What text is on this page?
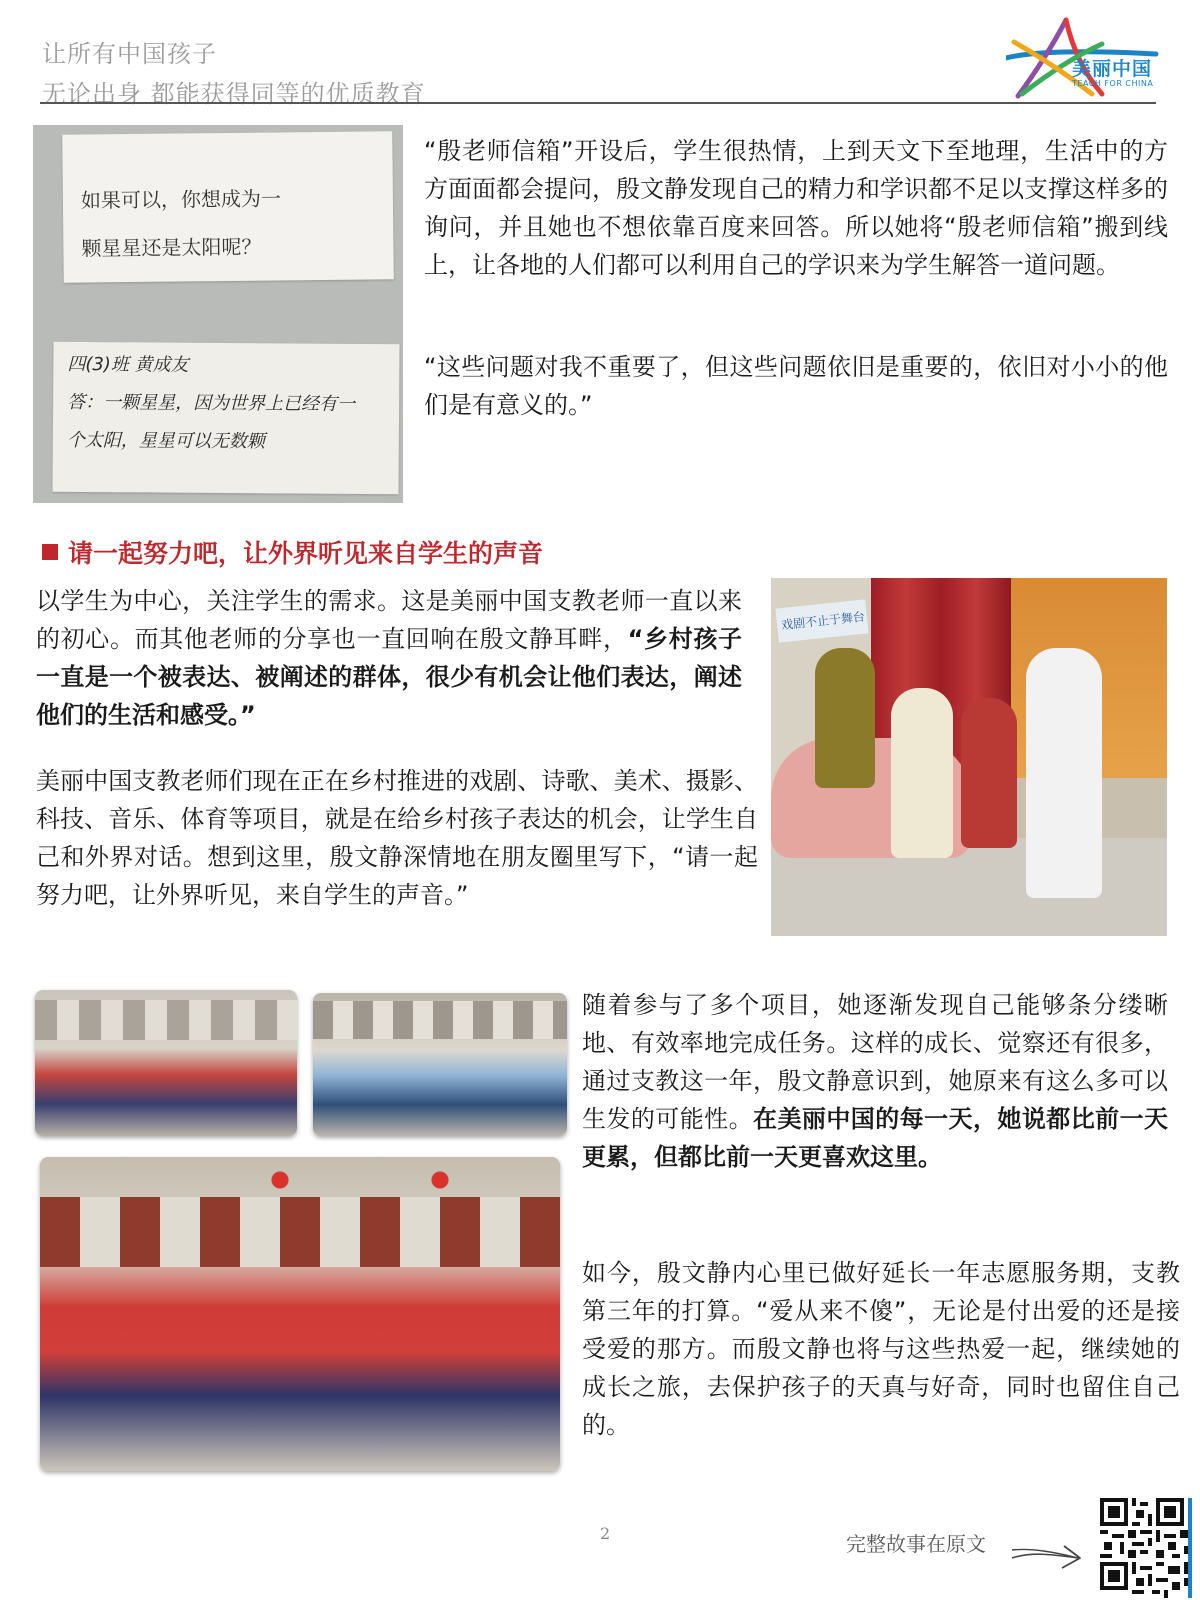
让所有中国孩子
无论出身 都能获得同等的优质教育
美丽中国
TEACH FOR CHINA
如果可以，你想成为一
颗星星还是太阳呢？
四(3)班 黄成友
答：一颗星星，因为世界上已经有一
个太阳，星星可以无数颗

“殷老师信箱”开设后，学生很热情，上到天文下至地理，生活中的方方面面都会提问，殷文静发现自己的精力和学识都不足以支撑这样多的询问，并且她也不想依靠百度来回答。所以她将“殷老师信箱”搬到线上，让各地的人们都可以利用自己的学识来为学生解答一道问题。

“这些问题对我不重要了，但这些问题依旧是重要的，依旧对小小的他们是有意义的。”

请一起努力吧，让外界听见来自学生的声音

以学生为中心，关注学生的需求。这是美丽中国支教老师一直以来的初心。而其他老师的分享也一直回响在殷文静耳畔，“乡村孩子一直是一个被表达、被阐述的群体，很少有机会让他们表达，阐述他们的生活和感受。”

美丽中国支教老师们现在正在乡村推进的戏剧、诗歌、美术、摄影、科技、音乐、体育等项目，就是在给乡村孩子表达的机会，让学生自己和外界对话。想到这里，殷文静深情地在朋友圈里写下，“请一起努力吧，让外界听见，来自学生的声音。”

戏剧不止于舞台

随着参与了多个项目，她逐渐发现自己能够条分缕晰地、有效率地完成任务。这样的成长、觉察还有很多，通过支教这一年，殷文静意识到，她原来有这么多可以生发的可能性。在美丽中国的每一天，她说都比前一天更累，但都比前一天更喜欢这里。

如今，殷文静内心里已做好延长一年志愿服务期，支教第三年的打算。“爱从来不傻”，无论是付出爱的还是接受爱的那方。而殷文静也将与这些热爱一起，继续她的成长之旅，去保护孩子的天真与好奇，同时也留住自己的。

2	完整故事在原文
